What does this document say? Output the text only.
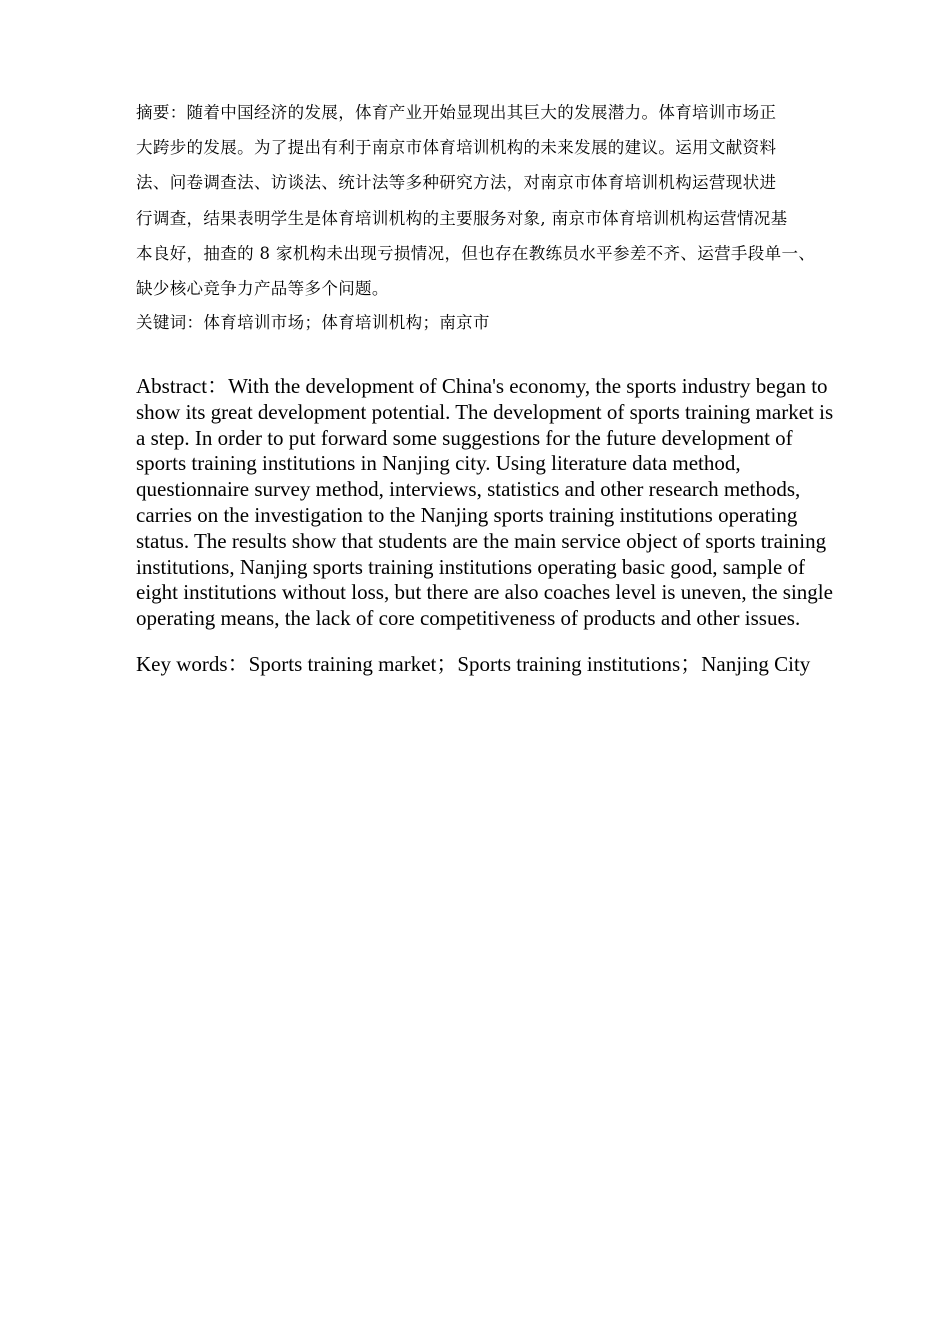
摘要：随着中国经济的发展，体育产业开始显现出其巨大的发展潜力。体育培训市场正
大跨步的发展。为了提出有利于南京市体育培训机构的未来发展的建议。运用文献资料
法、问卷调查法、访谈法、统计法等多种研究方法，对南京市体育培训机构运营现状进
行调查，结果表明学生是体育培训机构的主要服务对象, 南京市体育培训机构运营情况基
本良好，抽查的 8 家机构未出现亏损情况，但也存在教练员水平参差不齐、运营手段单一、
缺少核心竞争力产品等多个问题。

关键词：体育培训市场；体育培训机构；南京市

Abstract：With the development of China's economy, the sports industry began to
show its great development potential. The development of sports training market is
a step. In order to put forward some suggestions for the future development of
sports training institutions in Nanjing city. Using literature data method,
questionnaire survey method, interviews, statistics and other research methods,
carries on the investigation to the Nanjing sports training institutions operating
status. The results show that students are the main service object of sports training
institutions, Nanjing sports training institutions operating basic good, sample of
eight institutions without loss, but there are also coaches level is uneven, the single
operating means, the lack of core competitiveness of products and other issues.

Key words：Sports training market；Sports training institutions；Nanjing City
